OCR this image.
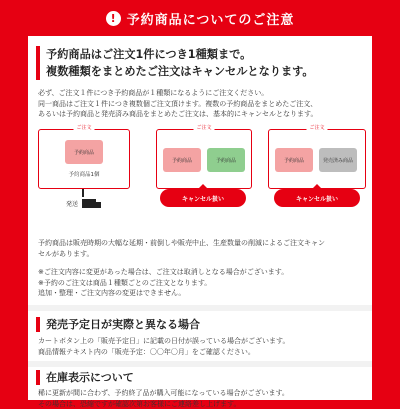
! 予約商品についてのご注意
予約商品はご注文1件につき1種類まで。
複数種類をまとめたご注文はキャンセルとなります。
必ず、ご注文１件につき予約商品が１種類になるようにご注文ください。
同一商品はご注文１件につき複数個ご注文頂けます。複数の予約商品をまとめたご注文、
あるいは予約商品と発売済み商品をまとめたご注文は、基本的にキャンセルとなります。
ご注文
予約商品
予約商品1個
ご注文
予約商品	予約商品
ご注文
予約商品	発売済み商品
発送
キャンセル扱い	キャンセル扱い
予約商品は販売時期の大幅な延期・前倒しや販売中止、生産数量の削減によるご注文キャン
セルがあります。
※ご注文内容に変更があった場合は、ご注文は取消しとなる場合がございます。
※予約のご注文は商品１種類ごとのご注文となります。
追加・整理・ご注文内容の変更はできません。
発売予定日が実際と異なる場合
カートボタン上の「販売予定日」に記載の日付が誤っている場合がございます。
商品情報テキスト内の「販売予定：〇〇年〇月」をご確認ください。
在庫表示について
稀に更新が間に合わず、予約終了品が購入可能になっている場合がございます。
その場合は、恐縮ですが確認次第お客様にご連絡差し上げます。
